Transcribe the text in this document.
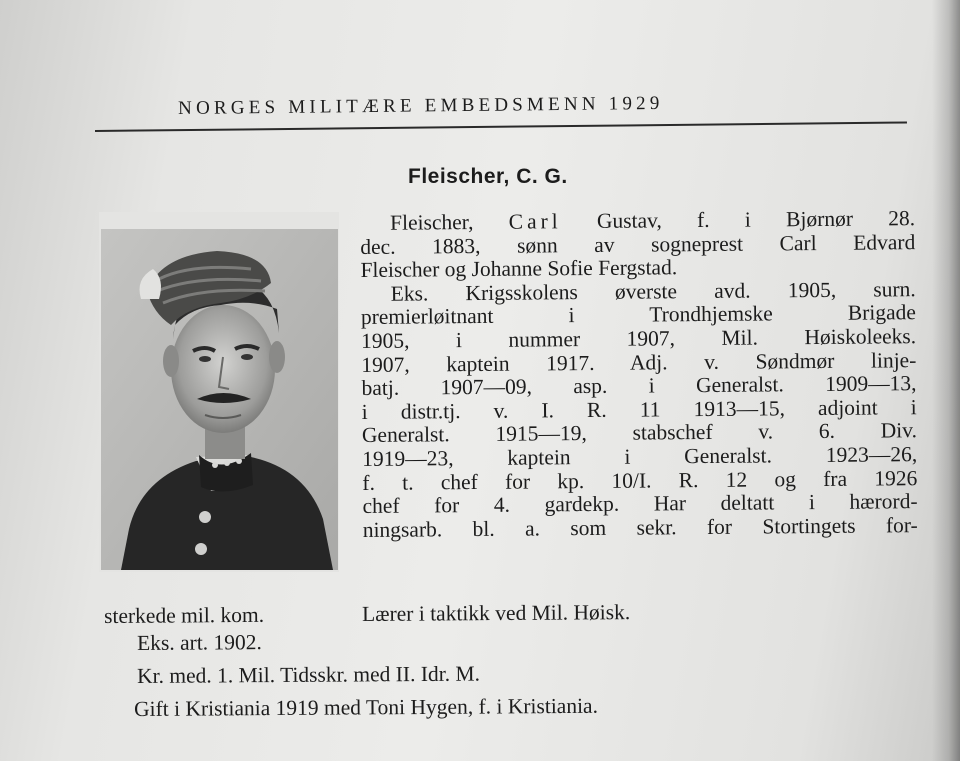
NORGES MILITÆRE EMBEDSMENN 1929
Fleischer, C. G.
Fleischer, Carl Gustav, f. i Bjørnør 28.
dec. 1883, sønn av sogneprest Carl Edvard
Fleischer og Johanne Sofie Fergstad.
Eks. Krigsskolens øverste avd. 1905, surn.
premierløitnant i Trondhjemske Brigade
1905, i nummer 1907, Mil. Høiskoleeks.
1907, kaptein 1917. Adj. v. Søndmør linje-
batj. 1907—09, asp. i Generalst. 1909—13,
i distr.tj. v. I. R. 11 1913—15, adjoint i
Generalst. 1915—19, stabschef v. 6. Div.
1919—23, kaptein i Generalst. 1923—26,
f. t. chef for kp. 10/I. R. 12 og fra 1926
chef for 4. gardekp. Har deltatt i hærord-
ningsarb. bl. a. som sekr. for Stortingets for-
sterkede mil. kom.	Lærer i taktikk ved Mil. Høisk.
Eks. art. 1902.
Kr. med. 1. Mil. Tidsskr. med II. Idr. M.
Gift i Kristiania 1919 med Toni Hygen, f. i Kristiania.
